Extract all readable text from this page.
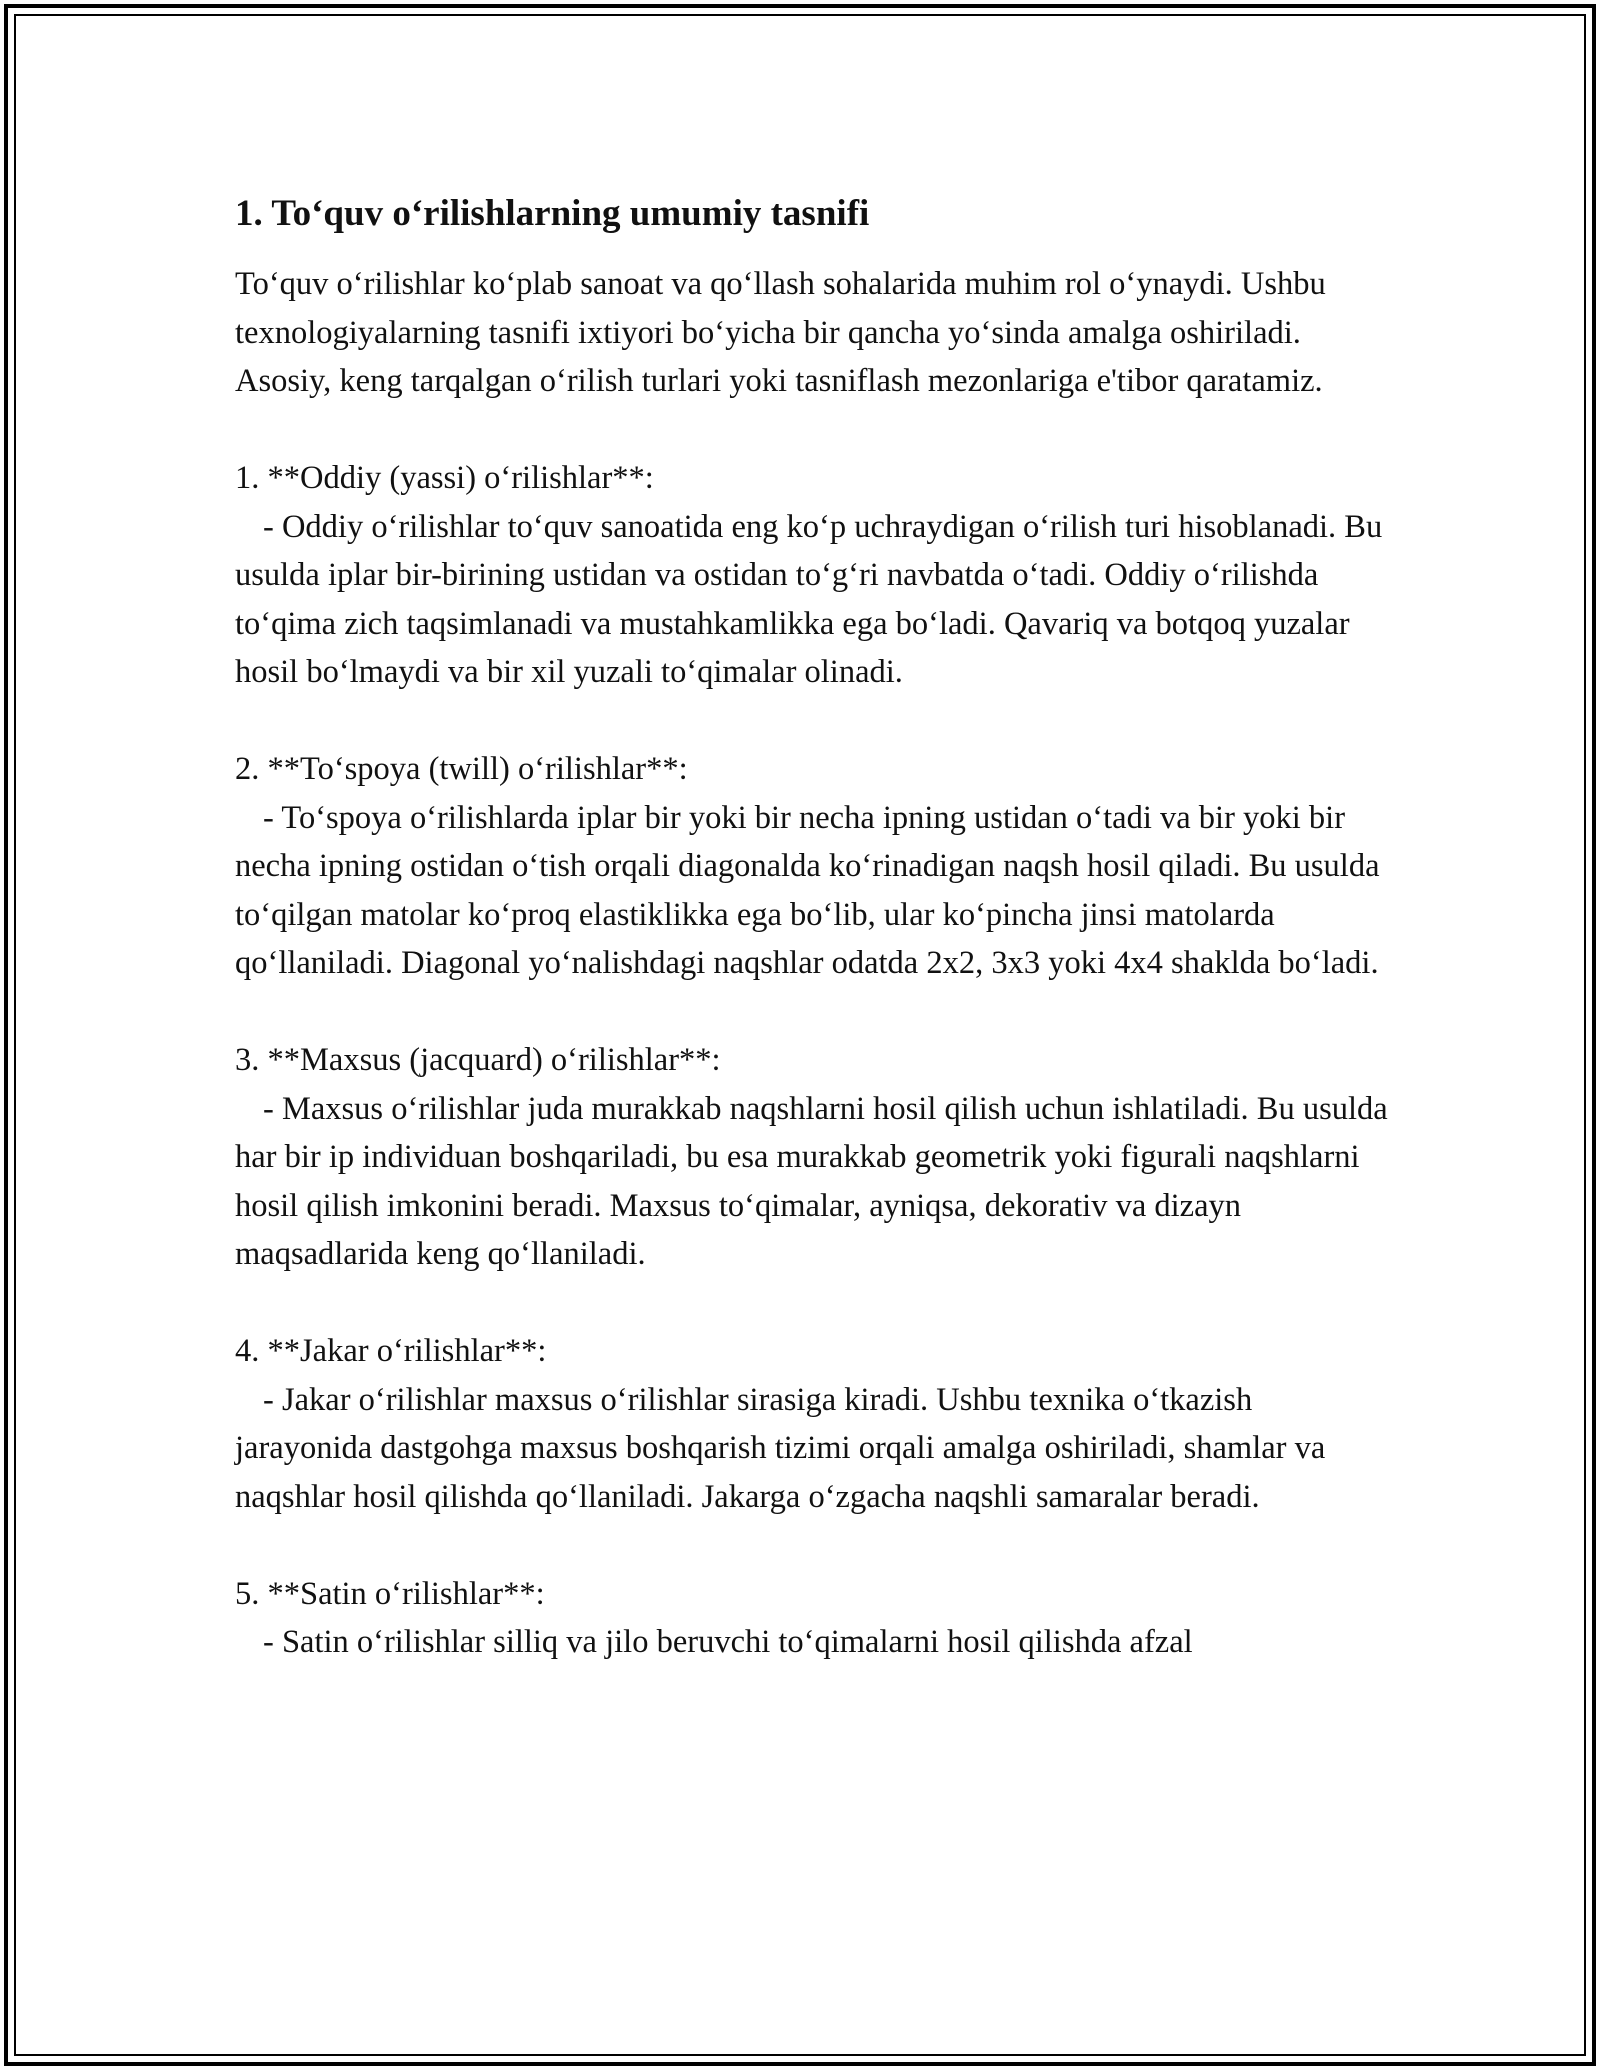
1. To‘quv o‘rilishlarning umumiy tasnifi

To‘quv o‘rilishlar ko‘plab sanoat va qo‘llash sohalarida muhim rol o‘ynaydi. Ushbu texnologiyalarning tasnifi ixtiyori bo‘yicha bir qancha yo‘sinda amalga oshiriladi. Asosiy, keng tarqalgan o‘rilish turlari yoki tasniflash mezonlariga e'tibor qaratamiz.

1. **Oddiy (yassi) o‘rilishlar**:

- Oddiy o‘rilishlar to‘quv sanoatida eng ko‘p uchraydigan o‘rilish turi hisoblanadi. Bu usulda iplar bir-birining ustidan va ostidan to‘g‘ri navbatda o‘tadi. Oddiy o‘rilishda to‘qima zich taqsimlanadi va mustahkamlikka ega bo‘ladi. Qavariq va botqoq yuzalar hosil bo‘lmaydi va bir xil yuzali to‘qimalar olinadi.

2. **To‘spoya (twill) o‘rilishlar**:

- To‘spoya o‘rilishlarda iplar bir yoki bir necha ipning ustidan o‘tadi va bir yoki bir necha ipning ostidan o‘tish orqali diagonalda ko‘rinadigan naqsh hosil qiladi. Bu usulda to‘qilgan matolar ko‘proq elastiklikka ega bo‘lib, ular ko‘pincha jinsi matolarda qo‘llaniladi. Diagonal yo‘nalishdagi naqshlar odatda 2x2, 3x3 yoki 4x4 shaklda bo‘ladi.

3. **Maxsus (jacquard) o‘rilishlar**:

- Maxsus o‘rilishlar juda murakkab naqshlarni hosil qilish uchun ishlatiladi. Bu usulda har bir ip individuan boshqariladi, bu esa murakkab geometrik yoki figurali naqshlarni hosil qilish imkonini beradi. Maxsus to‘qimalar, ayniqsa, dekorativ va dizayn maqsadlarida keng qo‘llaniladi.

4. **Jakar o‘rilishlar**:

- Jakar o‘rilishlar maxsus o‘rilishlar sirasiga kiradi. Ushbu texnika o‘tkazish jarayonida dastgohga maxsus boshqarish tizimi orqali amalga oshiriladi, shamlar va naqshlar hosil qilishda qo‘llaniladi. Jakarga o‘zgacha naqshli samaralar beradi.

5. **Satin o‘rilishlar**:

- Satin o‘rilishlar silliq va jilo beruvchi to‘qimalarni hosil qilishda afzal
